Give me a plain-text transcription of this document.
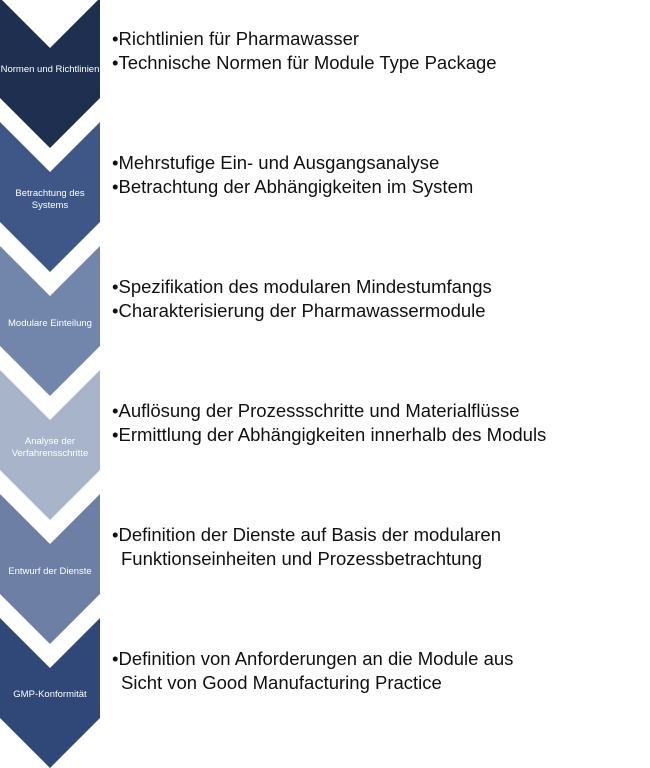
Normen und Richtlinien
•Richtlinien für Pharmawasser
•Technische Normen für Module Type Package
Betrachtung des Systems
•Mehrstufige Ein- und Ausgangsanalyse
•Betrachtung der Abhängigkeiten im System
Modulare Einteilung
•Spezifikation des modularen Mindestumfangs
•Charakterisierung der Pharmawassermodule
Analyse der Verfahrensschritte
•Auflösung der Prozessschritte und Materialflüsse
•Ermittlung der Abhängigkeiten innerhalb des Moduls
Entwurf der Dienste
•Definition der Dienste auf Basis der modularen
Funktionseinheiten und Prozessbetrachtung
GMP-Konformität
•Definition von Anforderungen an die Module aus
Sicht von Good Manufacturing Practice
